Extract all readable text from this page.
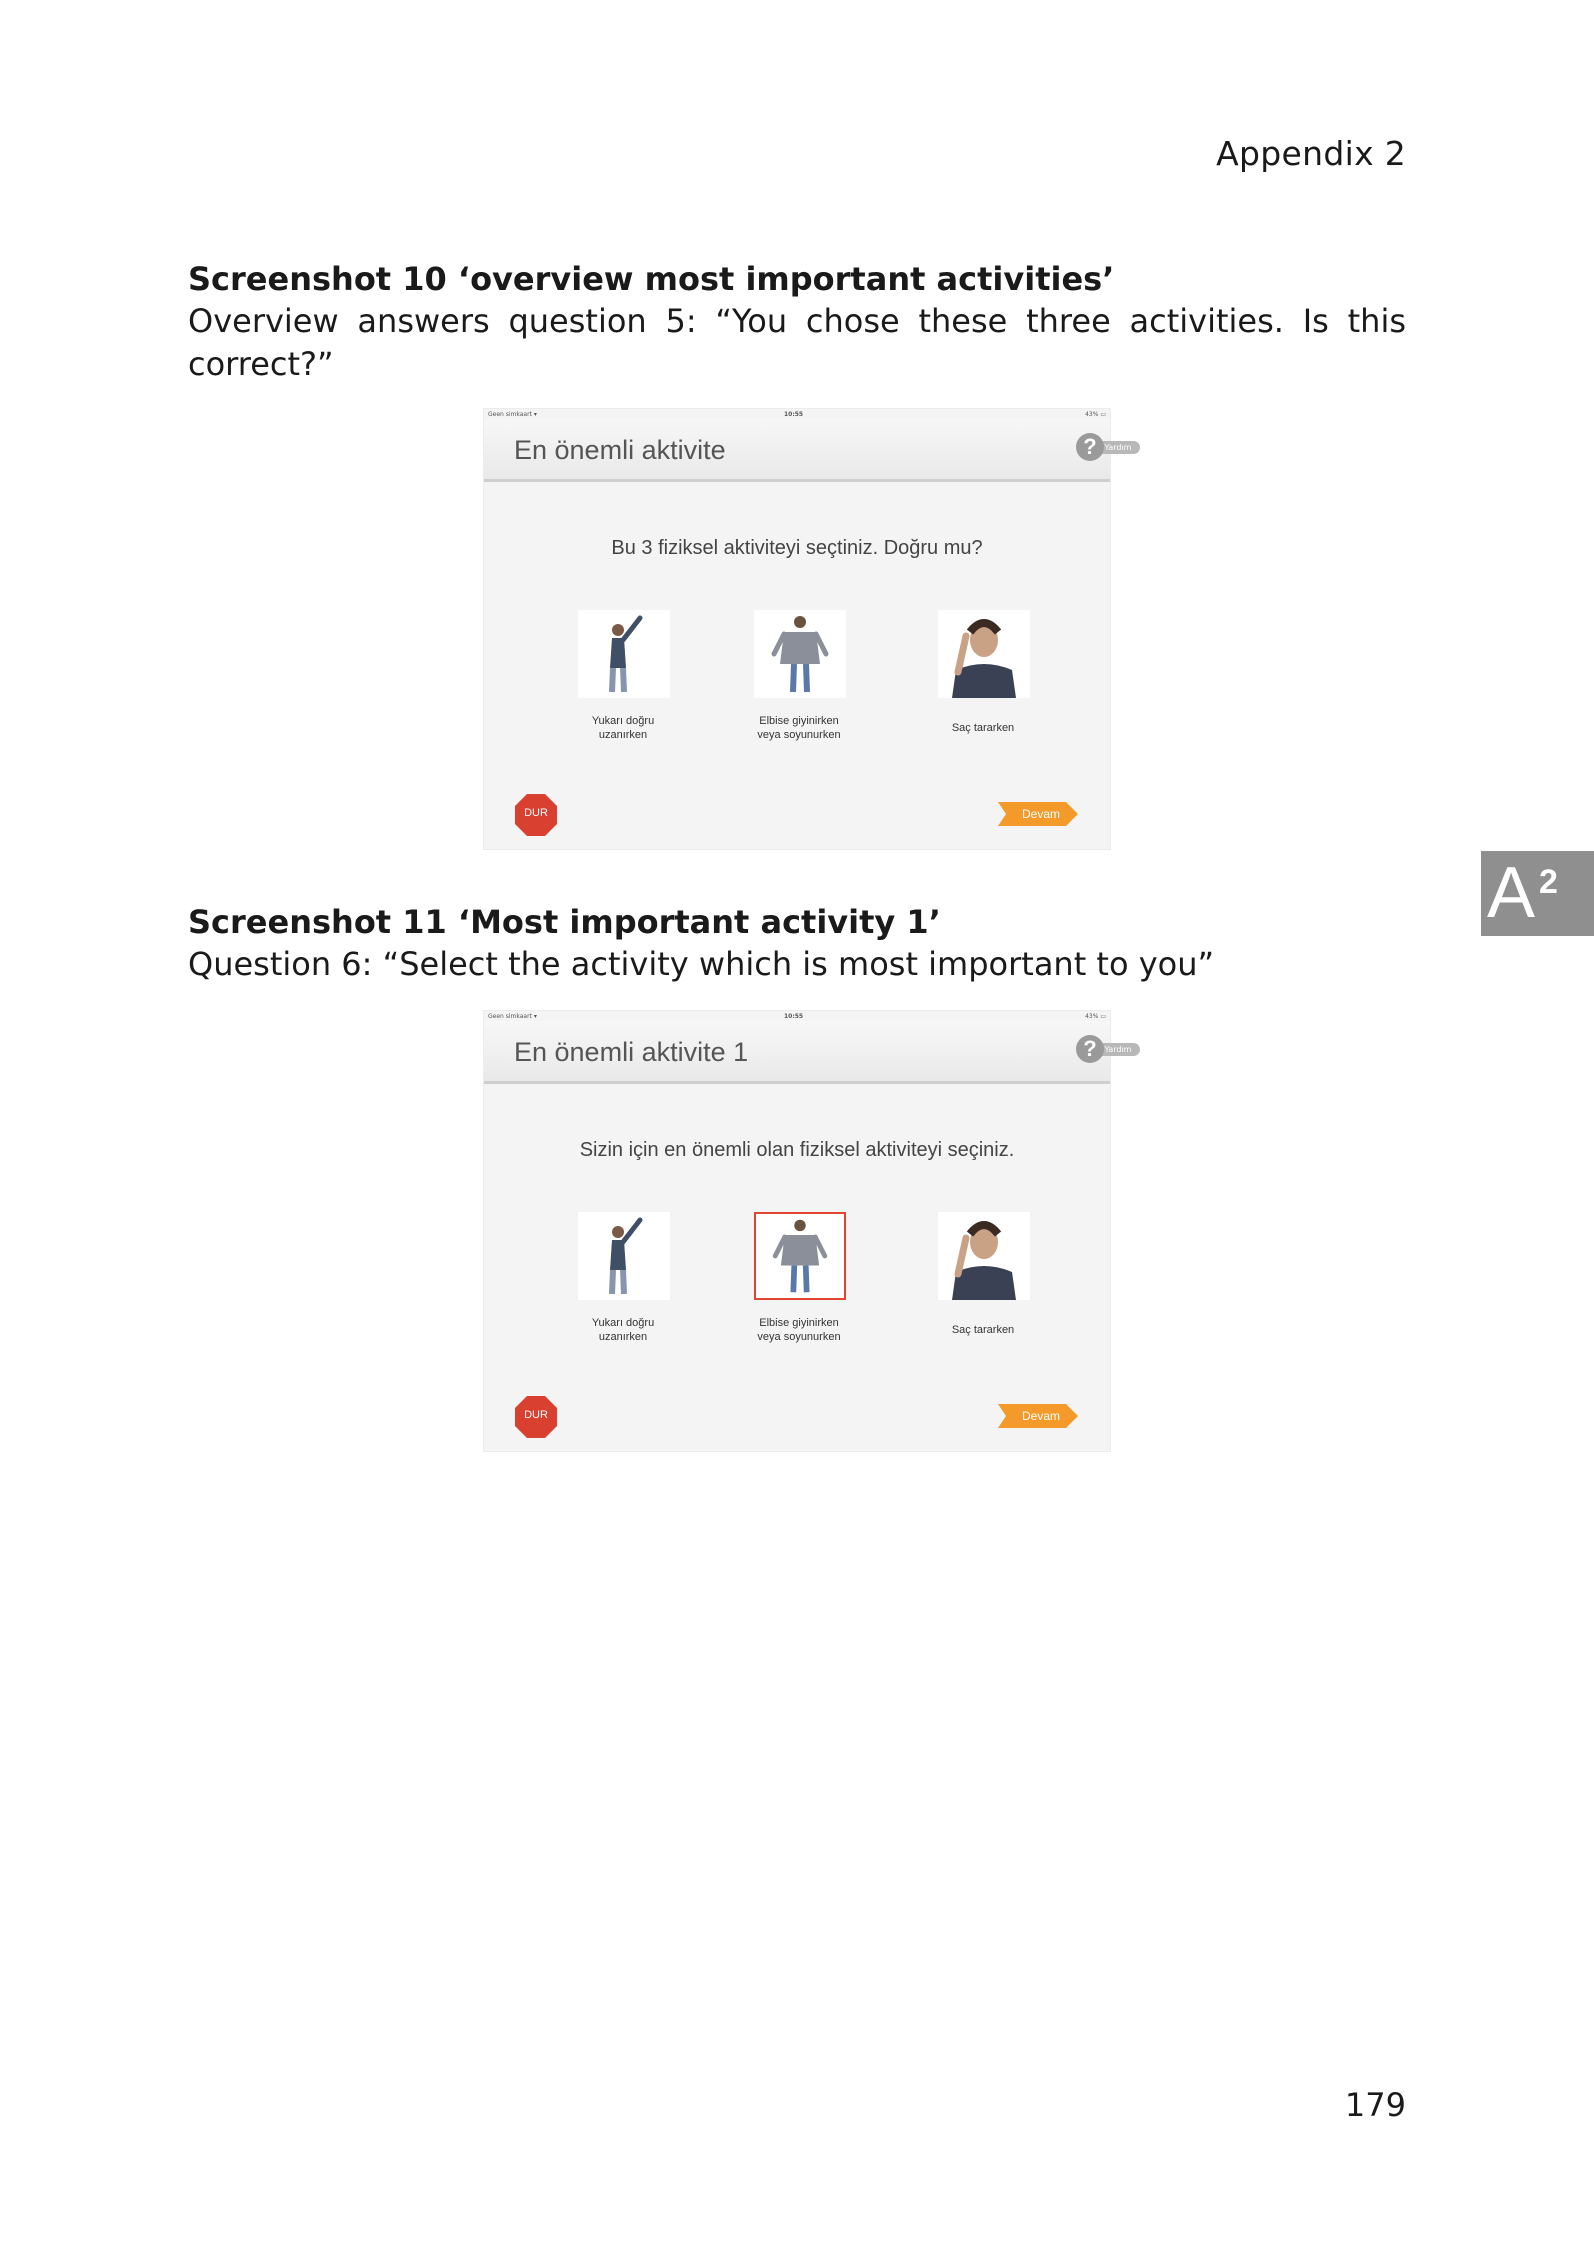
Appendix 2

Screenshot 10 ‘overview most important activities’

Overview answers question 5: “You chose these three activities. Is this correct?”

Geen simkaart ▾	10:55	43% ▭
En önemli aktivite	Yardım
?
Bu 3 fiziksel aktiviteyi seçtiniz. Doğru mu?
Yukarı doğru
uzanırken
Elbise giyinirken
veya soyunurken
Saç tararken
DUR	Devam

Screenshot 11 ‘Most important activity 1’

Question 6: “Select the activity which is most important to you”

Geen simkaart ▾	10:55	43% ▭
En önemli aktivite 1	Yardım
?
Sizin için en önemli olan fiziksel aktiviteyi seçiniz.
Yukarı doğru
uzanırken
Elbise giyinirken
veya soyunurken
Saç tararken
DUR	Devam
A 2
179
